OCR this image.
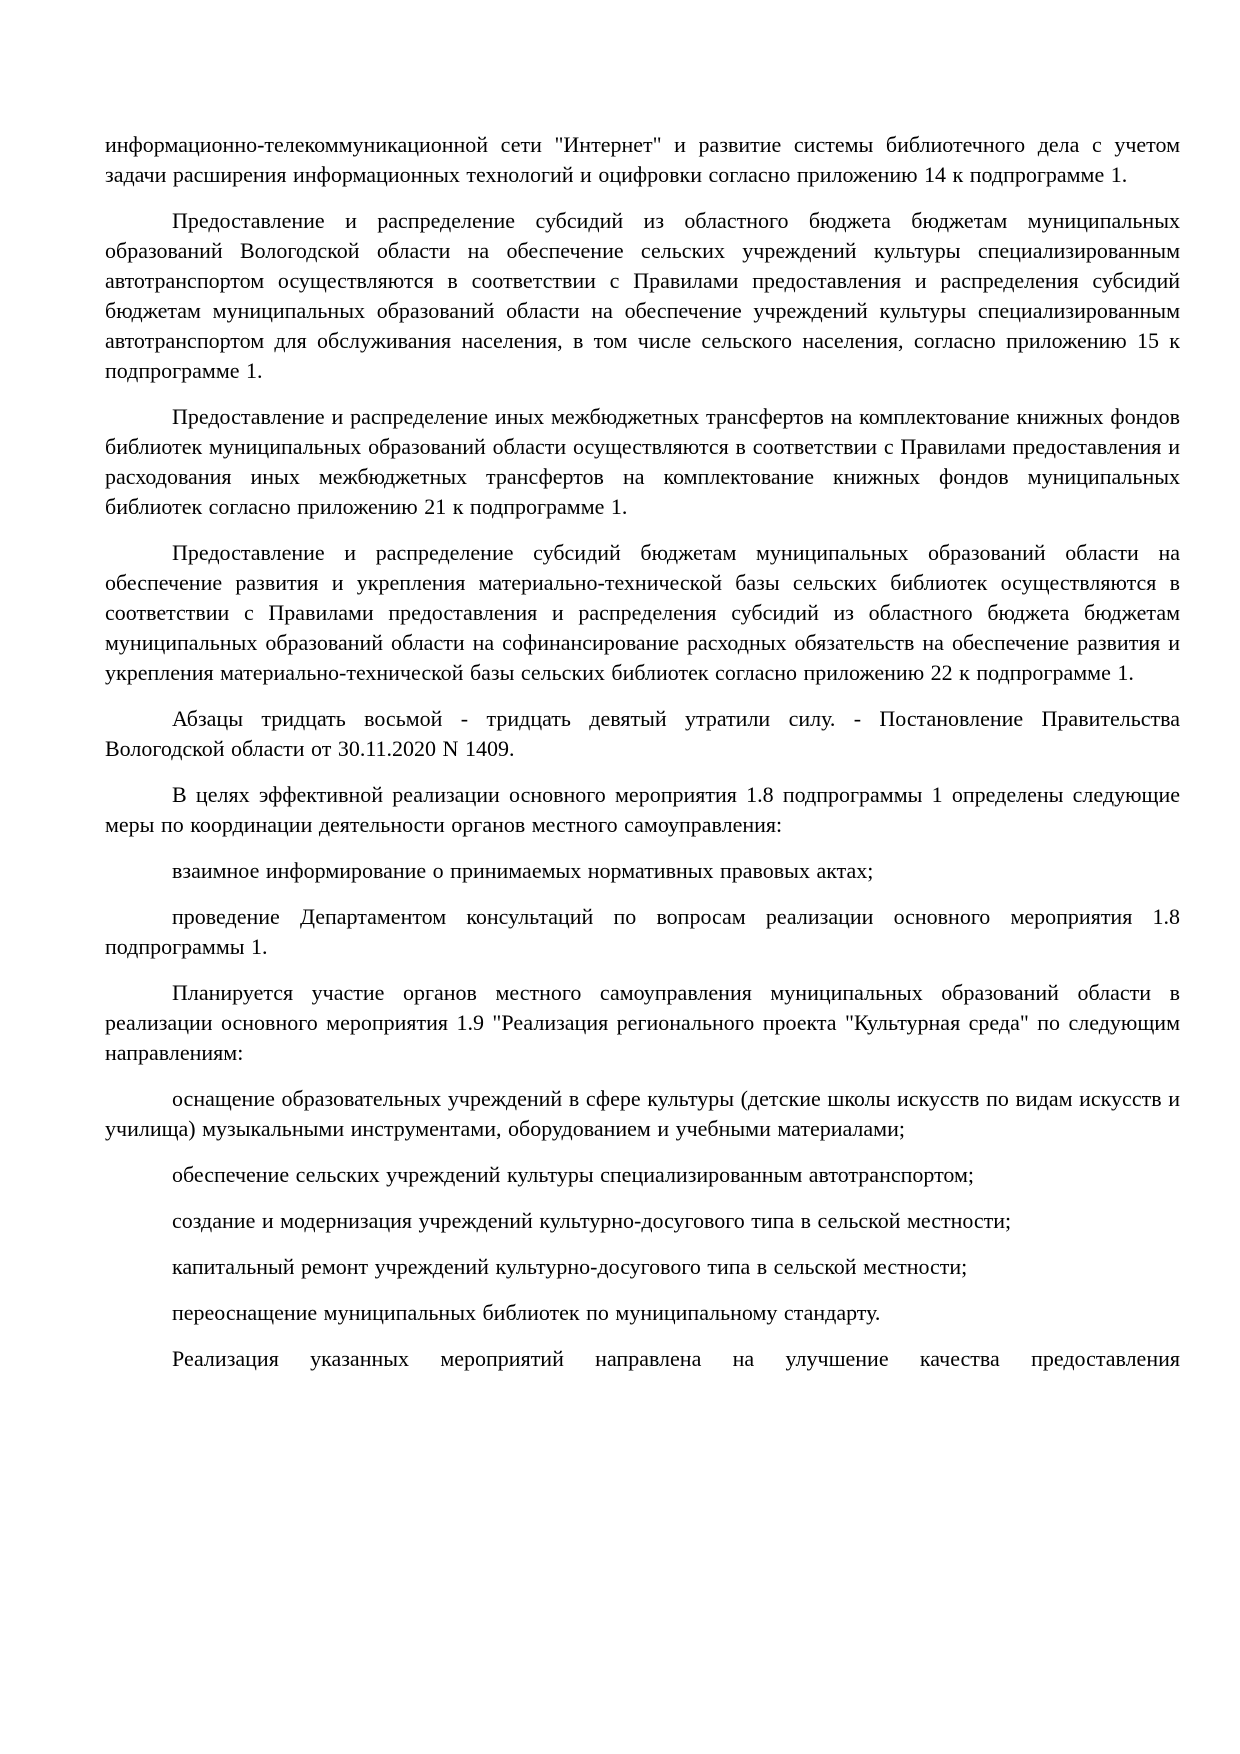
информационно-телекоммуникационной сети "Интернет" и развитие системы библиотечного дела с учетом задачи расширения информационных технологий и оцифровки согласно приложению 14 к подпрограмме 1.

Предоставление и распределение субсидий из областного бюджета бюджетам муниципальных образований Вологодской области на обеспечение сельских учреждений культуры специализированным автотранспортом осуществляются в соответствии с Правилами предоставления и распределения субсидий бюджетам муниципальных образований области на обеспечение учреждений культуры специализированным автотранспортом для обслуживания населения, в том числе сельского населения, согласно приложению 15 к подпрограмме 1.

Предоставление и распределение иных межбюджетных трансфертов на комплектование книжных фондов библиотек муниципальных образований области осуществляются в соответствии с Правилами предоставления и расходования иных межбюджетных трансфертов на комплектование книжных фондов муниципальных библиотек согласно приложению 21 к подпрограмме 1.

Предоставление и распределение субсидий бюджетам муниципальных образований области на обеспечение развития и укрепления материально-технической базы сельских библиотек осуществляются в соответствии с Правилами предоставления и распределения субсидий из областного бюджета бюджетам муниципальных образований области на софинансирование расходных обязательств на обеспечение развития и укрепления материально-технической базы сельских библиотек согласно приложению 22 к подпрограмме 1.

Абзацы тридцать восьмой - тридцать девятый утратили силу. - Постановление Правительства Вологодской области от 30.11.2020 N 1409.

В целях эффективной реализации основного мероприятия 1.8 подпрограммы 1 определены следующие меры по координации деятельности органов местного самоуправления:

взаимное информирование о принимаемых нормативных правовых актах;

проведение Департаментом консультаций по вопросам реализации основного мероприятия 1.8 подпрограммы 1.

Планируется участие органов местного самоуправления муниципальных образований области в реализации основного мероприятия 1.9 "Реализация регионального проекта "Культурная среда" по следующим направлениям:

оснащение образовательных учреждений в сфере культуры (детские школы искусств по видам искусств и училища) музыкальными инструментами, оборудованием и учебными материалами;

обеспечение сельских учреждений культуры специализированным автотранспортом;

создание и модернизация учреждений культурно-досугового типа в сельской местности;

капитальный ремонт учреждений культурно-досугового типа в сельской местности;

переоснащение муниципальных библиотек по муниципальному стандарту.

Реализация указанных мероприятий направлена на улучшение качества предоставления
